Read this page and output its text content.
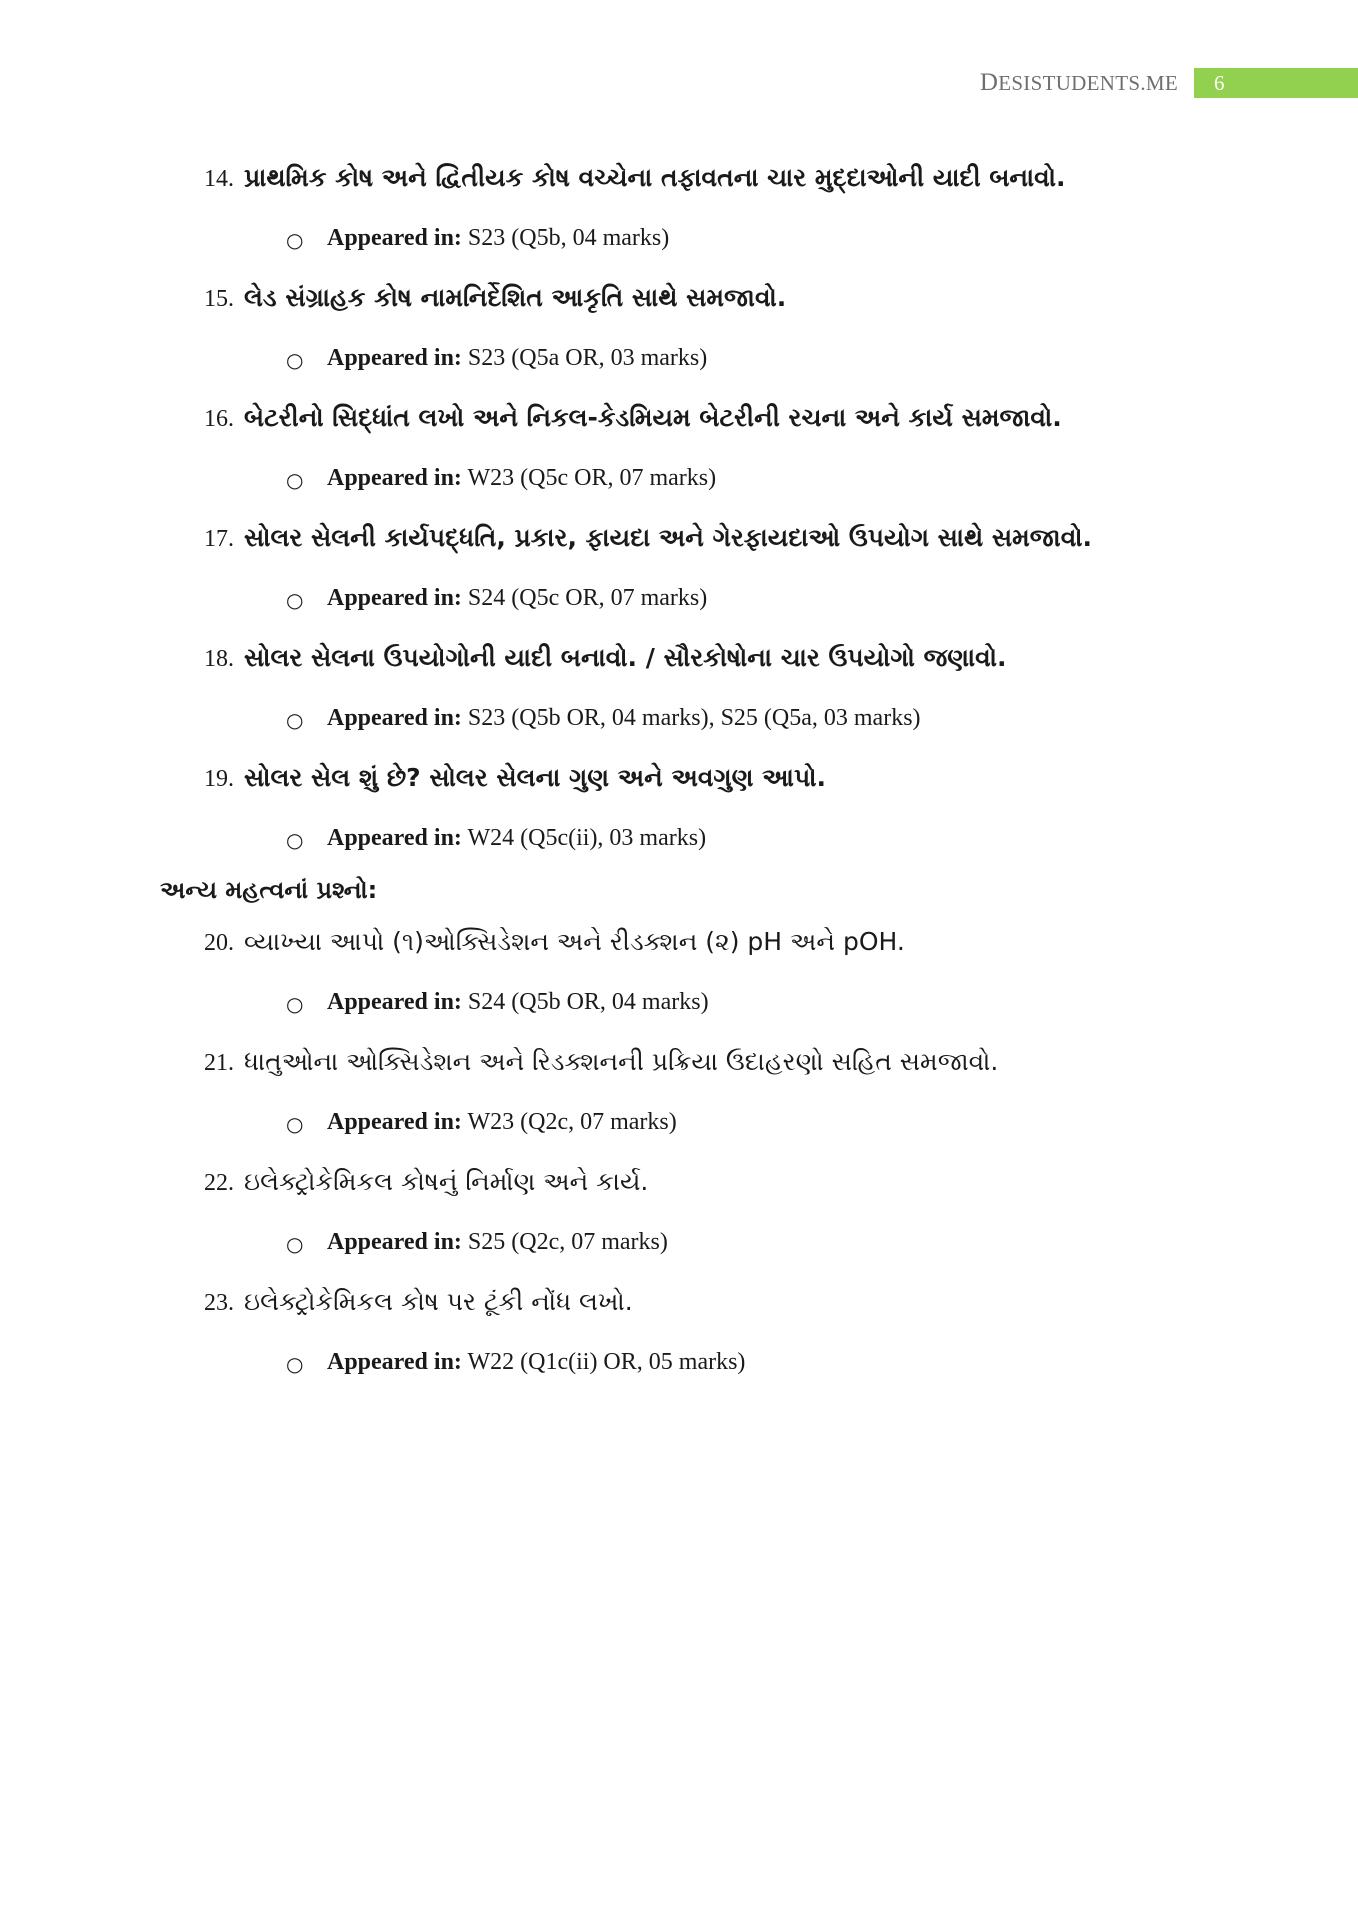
DESISTUDENTS.ME	6
14. પ્રાથમિક કોષ અને દ્વિતીયક કોષ વચ્ચેના તફાવતના ચાર મુદ્દાઓની યાદી બનાવો.
○ Appeared in: S23 (Q5b, 04 marks)
15. લેડ સંગ્રાહક કોષ નામનિર્દેશિત આકૃતિ સાથે સમજાવો.
○ Appeared in: S23 (Q5a OR, 03 marks)
16. બેટરીનો સિદ્ધાંત લખો અને નિકલ-કેડમિયમ બેટરીની રચના અને કાર્ય સમજાવો.
○ Appeared in: W23 (Q5c OR, 07 marks)
17. સોલર સેલની કાર્યપદ્ધતિ, પ્રકાર, ફાયદા અને ગેરફાયદાઓ ઉપયોગ સાથે સમજાવો.
○ Appeared in: S24 (Q5c OR, 07 marks)
18. સોલર સેલના ઉપયોગોની યાદી બનાવો. / સૌરકોષોના ચાર ઉપયોગો જણાવો.
○ Appeared in: S23 (Q5b OR, 04 marks), S25 (Q5a, 03 marks)
19. સોલર સેલ શું છે? સોલર સેલના ગુણ અને અવગુણ આપો.
○ Appeared in: W24 (Q5c(ii), 03 marks)
અન્ય મહત્વનાં પ્રશ્નો:
20. વ્યાખ્યા આપો (૧)ઓક્સિડેશન અને રીડક્શન (૨) pH અને pOH.
○ Appeared in: S24 (Q5b OR, 04 marks)
21. ધાતુઓના ઓક્સિડેશન અને રિડક્શનની પ્રક્રિયા ઉદાહરણો સહિત સમજાવો.
○ Appeared in: W23 (Q2c, 07 marks)
22. ઇલેક્ટ્રોકેમિકલ કોષનું નિર્માણ અને કાર્ય.
○ Appeared in: S25 (Q2c, 07 marks)
23. ઇલેક્ટ્રોકેમિકલ કોષ પર ટૂંકી નોંધ લખો.
○ Appeared in: W22 (Q1c(ii) OR, 05 marks)
